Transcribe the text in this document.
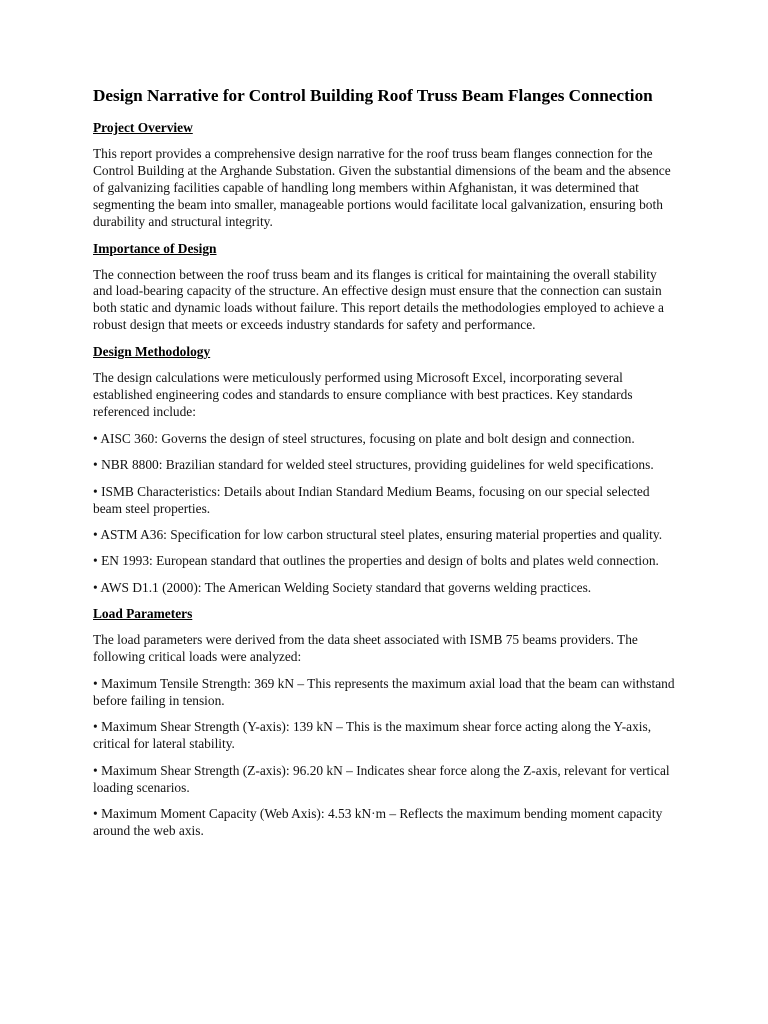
Design Narrative for Control Building Roof Truss Beam Flanges Connection
Project Overview

This report provides a comprehensive design narrative for the roof truss beam flanges connection for the Control Building at the Arghande Substation. Given the substantial dimensions of the beam and the absence of galvanizing facilities capable of handling long members within Afghanistan, it was determined that segmenting the beam into smaller, manageable portions would facilitate local galvanization, ensuring both durability and structural integrity.

Importance of Design

The connection between the roof truss beam and its flanges is critical for maintaining the overall stability and load-bearing capacity of the structure. An effective design must ensure that the connection can sustain both static and dynamic loads without failure. This report details the methodologies employed to achieve a robust design that meets or exceeds industry standards for safety and performance.

Design Methodology

The design calculations were meticulously performed using Microsoft Excel, incorporating several established engineering codes and standards to ensure compliance with best practices. Key standards referenced include:

• AISC 360: Governs the design of steel structures, focusing on plate and bolt design and connection.
• NBR 8800: Brazilian standard for welded steel structures, providing guidelines for weld specifications.
• ISMB Characteristics: Details about Indian Standard Medium Beams, focusing on our special selected beam steel properties.
• ASTM A36: Specification for low carbon structural steel plates, ensuring material properties and quality.
• EN 1993: European standard that outlines the properties and design of bolts and plates weld connection.
• AWS D1.1 (2000): The American Welding Society standard that governs welding practices.
Load Parameters

The load parameters were derived from the data sheet associated with ISMB 75 beams providers. The following critical loads were analyzed:

• Maximum Tensile Strength: 369 kN – This represents the maximum axial load that the beam can withstand before failing in tension.
• Maximum Shear Strength (Y-axis): 139 kN – This is the maximum shear force acting along the Y-axis, critical for lateral stability.
• Maximum Shear Strength (Z-axis): 96.20 kN – Indicates shear force along the Z-axis, relevant for vertical loading scenarios.
• Maximum Moment Capacity (Web Axis): 4.53 kN·m – Reflects the maximum bending moment capacity around the web axis.
